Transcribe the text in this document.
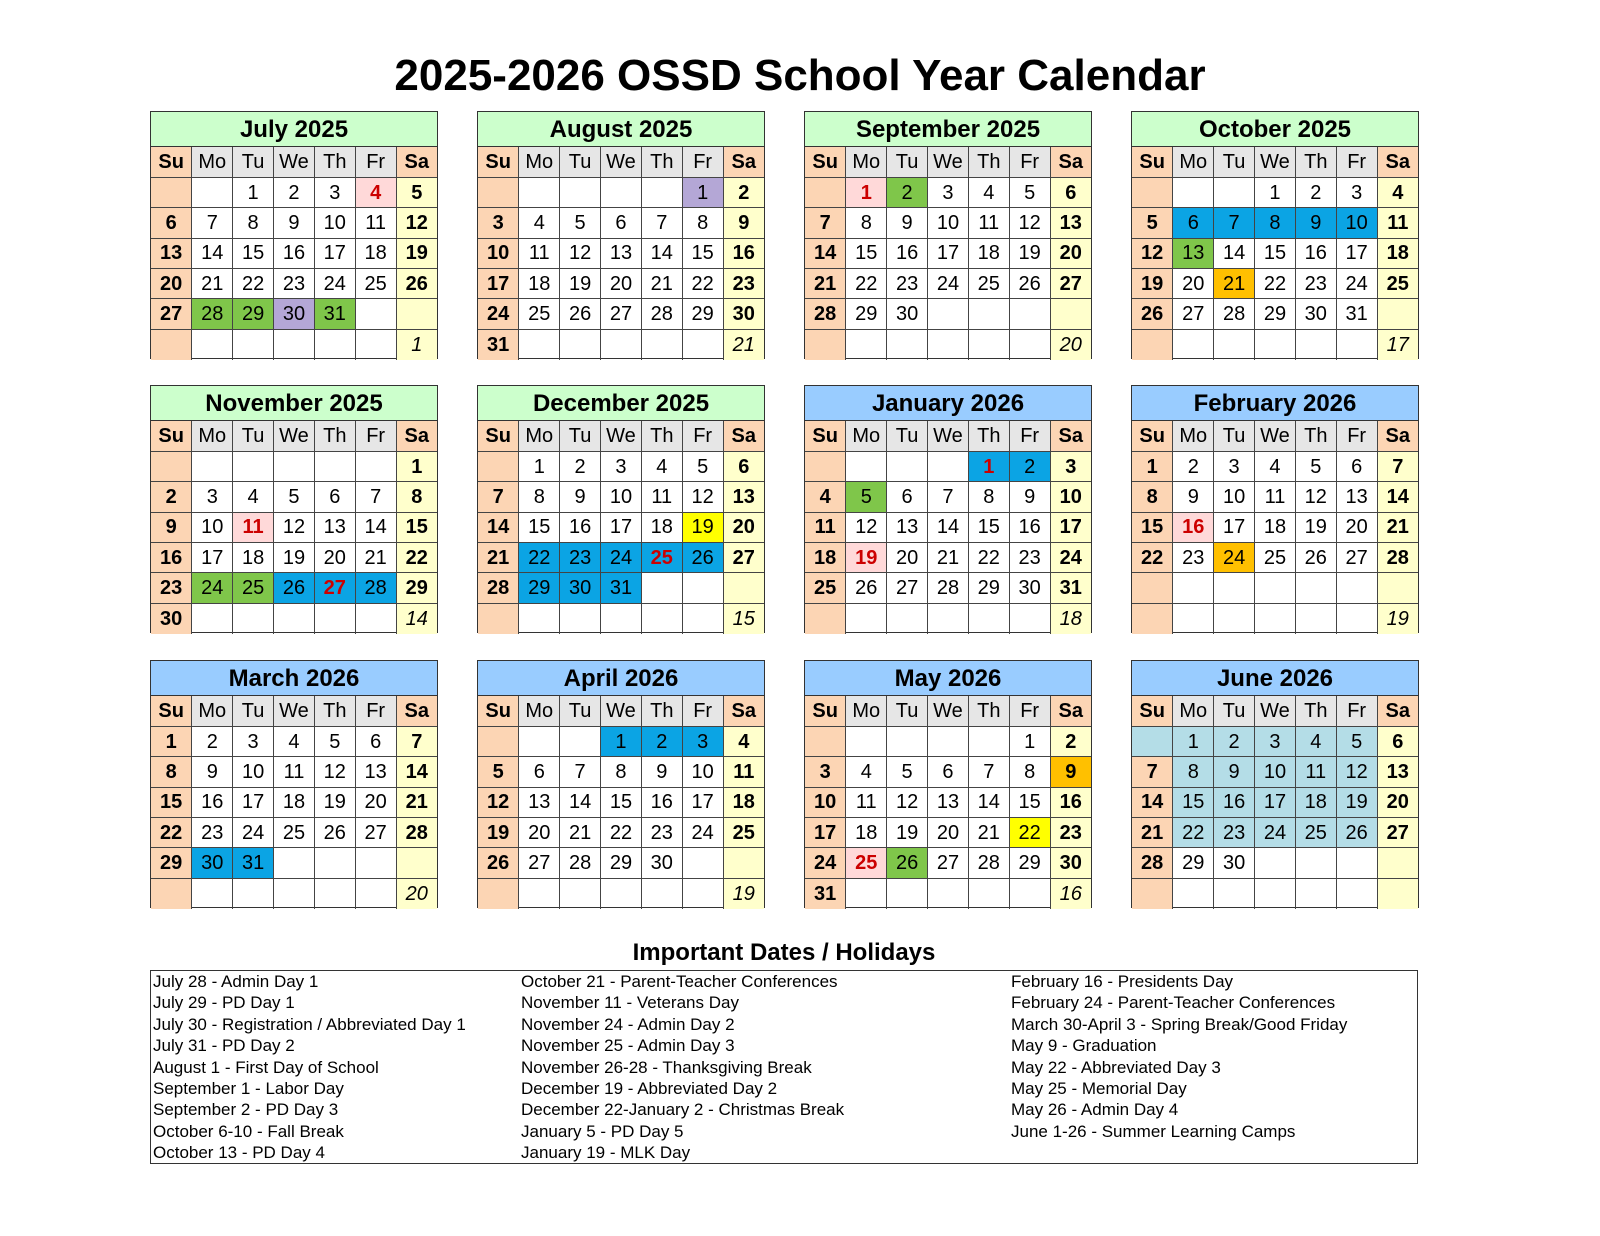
2025-2026 OSSD School Year Calendar
July 2025
Su	Mo	Tu	We	Th	Fr	Sa
		1	2	3	4	5
6	7	8	9	10	11	12
13	14	15	16	17	18	19
20	21	22	23	24	25	26
27	28	29	30	31		
						1
August 2025
Su	Mo	Tu	We	Th	Fr	Sa
					1	2
3	4	5	6	7	8	9
10	11	12	13	14	15	16
17	18	19	20	21	22	23
24	25	26	27	28	29	30
31						21
September 2025
Su	Mo	Tu	We	Th	Fr	Sa
	1	2	3	4	5	6
7	8	9	10	11	12	13
14	15	16	17	18	19	20
21	22	23	24	25	26	27
28	29	30				
						20
October 2025
Su	Mo	Tu	We	Th	Fr	Sa
			1	2	3	4
5	6	7	8	9	10	11
12	13	14	15	16	17	18
19	20	21	22	23	24	25
26	27	28	29	30	31	
						17
November 2025
Su	Mo	Tu	We	Th	Fr	Sa
						1
2	3	4	5	6	7	8
9	10	11	12	13	14	15
16	17	18	19	20	21	22
23	24	25	26	27	28	29
30						14
December 2025
Su	Mo	Tu	We	Th	Fr	Sa
	1	2	3	4	5	6
7	8	9	10	11	12	13
14	15	16	17	18	19	20
21	22	23	24	25	26	27
28	29	30	31			
						15
January 2026
Su	Mo	Tu	We	Th	Fr	Sa
				1	2	3
4	5	6	7	8	9	10
11	12	13	14	15	16	17
18	19	20	21	22	23	24
25	26	27	28	29	30	31
						18
February 2026
Su	Mo	Tu	We	Th	Fr	Sa
1	2	3	4	5	6	7
8	9	10	11	12	13	14
15	16	17	18	19	20	21
22	23	24	25	26	27	28

						19
March 2026
Su	Mo	Tu	We	Th	Fr	Sa
1	2	3	4	5	6	7
8	9	10	11	12	13	14
15	16	17	18	19	20	21
22	23	24	25	26	27	28
29	30	31				
						20
April 2026
Su	Mo	Tu	We	Th	Fr	Sa
			1	2	3	4
5	6	7	8	9	10	11
12	13	14	15	16	17	18
19	20	21	22	23	24	25
26	27	28	29	30		
						19
May 2026
Su	Mo	Tu	We	Th	Fr	Sa
					1	2
3	4	5	6	7	8	9
10	11	12	13	14	15	16
17	18	19	20	21	22	23
24	25	26	27	28	29	30
31						16
June 2026
Su	Mo	Tu	We	Th	Fr	Sa
	1	2	3	4	5	6
7	8	9	10	11	12	13
14	15	16	17	18	19	20
21	22	23	24	25	26	27
28	29	30				

Important Dates / Holidays
July 28 - Admin Day 1
July 29 - PD Day 1
July 30 - Registration / Abbreviated Day 1
July 31 - PD Day 2
August 1 - First Day of School
September 1 - Labor Day
September 2 - PD Day 3
October 6-10 - Fall Break
October 13 - PD Day 4
October 21 - Parent-Teacher Conferences
November 11 - Veterans Day
November 24 - Admin Day 2
November 25 - Admin Day 3
November 26-28 - Thanksgiving Break
December 19 - Abbreviated Day 2
December 22-January 2 - Christmas Break
January 5 - PD Day 5
January 19 - MLK Day
February 16 - Presidents Day
February 24 - Parent-Teacher Conferences
March 30-April 3 - Spring Break/Good Friday
May 9 - Graduation
May 22 - Abbreviated Day 3
May 25 - Memorial Day
May 26 - Admin Day 4
June 1-26 - Summer Learning Camps
